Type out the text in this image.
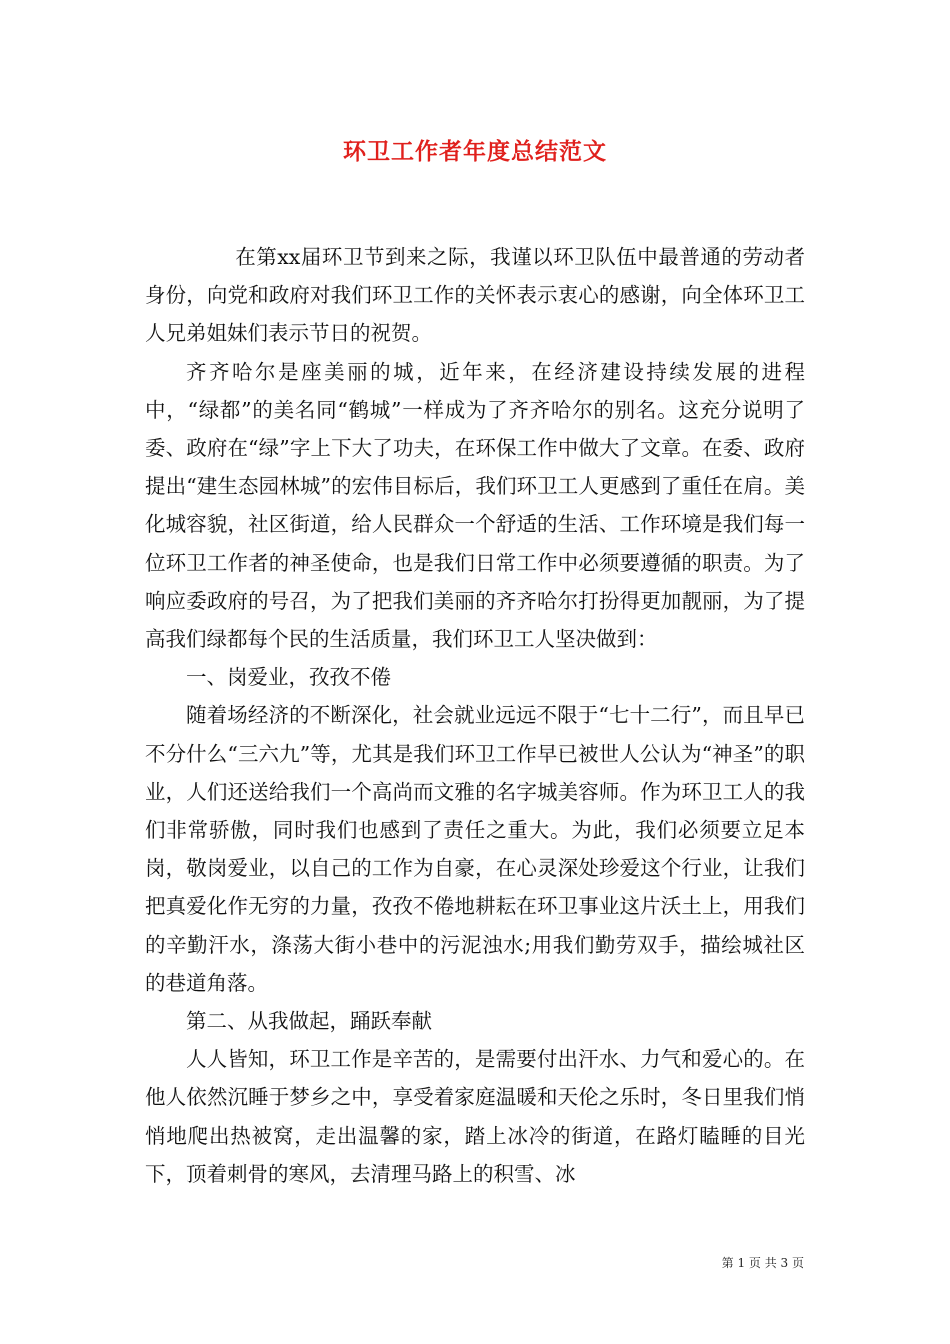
环卫工作者年度总结范文

在第xx届环卫节到来之际，我谨以环卫队伍中最普通的劳动者身份，向党和政府对我们环卫工作的关怀表示衷心的感谢，向全体环卫工人兄弟姐妹们表示节日的祝贺。

齐齐哈尔是座美丽的城，近年来，在经济建设持续发展的进程中，“绿都”的美名同“鹤城”一样成为了齐齐哈尔的别名。这充分说明了委、政府在“绿”字上下大了功夫，在环保工作中做大了文章。在委、政府提出“建生态园林城”的宏伟目标后，我们环卫工人更感到了重任在肩。美化城容貌，社区街道，给人民群众一个舒适的生活、工作环境是我们每一位环卫工作者的神圣使命，也是我们日常工作中必须要遵循的职责。为了响应委政府的号召，为了把我们美丽的齐齐哈尔打扮得更加靓丽，为了提高我们绿都每个民的生活质量，我们环卫工人坚决做到：

一、岗爱业，孜孜不倦

随着场经济的不断深化，社会就业远远不限于“七十二行”，而且早已不分什么“三六九”等，尤其是我们环卫工作早已被世人公认为“神圣”的职业，人们还送给我们一个高尚而文雅的名字城美容师。作为环卫工人的我们非常骄傲，同时我们也感到了责任之重大。为此，我们必须要立足本岗，敬岗爱业，以自己的工作为自豪，在心灵深处珍爱这个行业，让我们把真爱化作无穷的力量，孜孜不倦地耕耘在环卫事业这片沃土上，用我们的辛勤汗水，涤荡大街小巷中的污泥浊水;用我们勤劳双手，描绘城社区的巷道角落。

第二、从我做起，踊跃奉献

人人皆知，环卫工作是辛苦的，是需要付出汗水、力气和爱心的。在他人依然沉睡于梦乡之中，享受着家庭温暖和天伦之乐时，冬日里我们悄悄地爬出热被窝，走出温馨的家，踏上冰冷的街道，在路灯瞌睡的目光下，顶着刺骨的寒风，去清理马路上的积雪、冰

第 1 页 共 3 页
